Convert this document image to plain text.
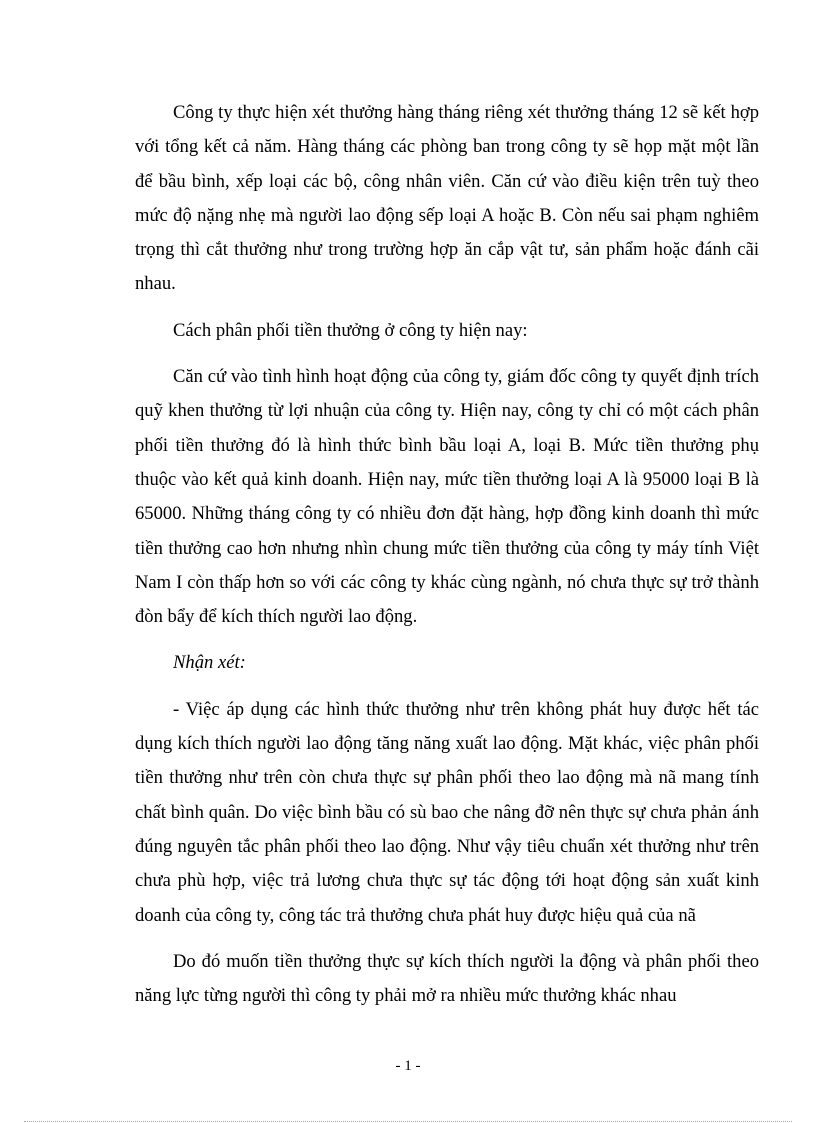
Công ty thực hiện xét thưởng hàng tháng riêng xét thưởng tháng 12 sẽ kết hợp với tổng kết cả năm. Hàng tháng các phòng ban trong công ty sẽ họp mặt một lần để bầu bình, xếp loại các bộ, công nhân viên. Căn cứ vào điều kiện trên tuỳ theo mức độ nặng nhẹ mà người lao động sếp loại A hoặc B. Còn nếu sai phạm nghiêm trọng thì cắt thưởng như trong trường hợp ăn cắp vật tư, sản phẩm hoặc đánh cãi nhau.

Cách phân phối tiền thưởng ở công ty hiện nay:

Căn cứ vào tình hình hoạt động của công ty, giám đốc công ty quyết định trích quỹ khen thưởng từ lợi nhuận của công ty. Hiện nay, công ty chỉ có một cách phân phối tiền thưởng đó là hình thức bình bầu loại A, loại B. Mức tiền thưởng phụ thuộc vào kết quả kinh doanh. Hiện nay, mức tiền thưởng loại A là 95000 loại B là 65000. Những tháng công ty có nhiều đơn đặt hàng, hợp đồng kinh doanh thì mức tiền thưởng cao hơn nhưng nhìn chung mức tiền thưởng của công ty máy tính Việt Nam I còn thấp hơn so với các công ty khác cùng ngành, nó chưa thực sự trở thành đòn bẩy để kích thích người lao động.

Nhận xét:

- Việc áp dụng các hình thức thưởng như trên không phát huy được hết tác dụng kích thích người lao động tăng năng xuất lao động. Mặt khác, việc phân phối tiền thưởng như trên còn chưa thực sự phân phối theo lao động mà nã mang tính chất bình quân. Do việc bình bầu có sù bao che nâng đỡ nên thực sự chưa phản ánh đúng nguyên tắc phân phối theo lao động. Như vậy tiêu chuẩn xét thưởng như trên chưa phù hợp, việc trả lương chưa thực sự tác động tới hoạt động sản xuất kinh doanh của công ty, công tác trả thưởng chưa phát huy được hiệu quả của nã

Do đó muốn tiền thưởng thực sự kích thích người la động và phân phối theo năng lực từng người thì công ty phải mở ra nhiều mức thưởng khác nhau

- 1 -
